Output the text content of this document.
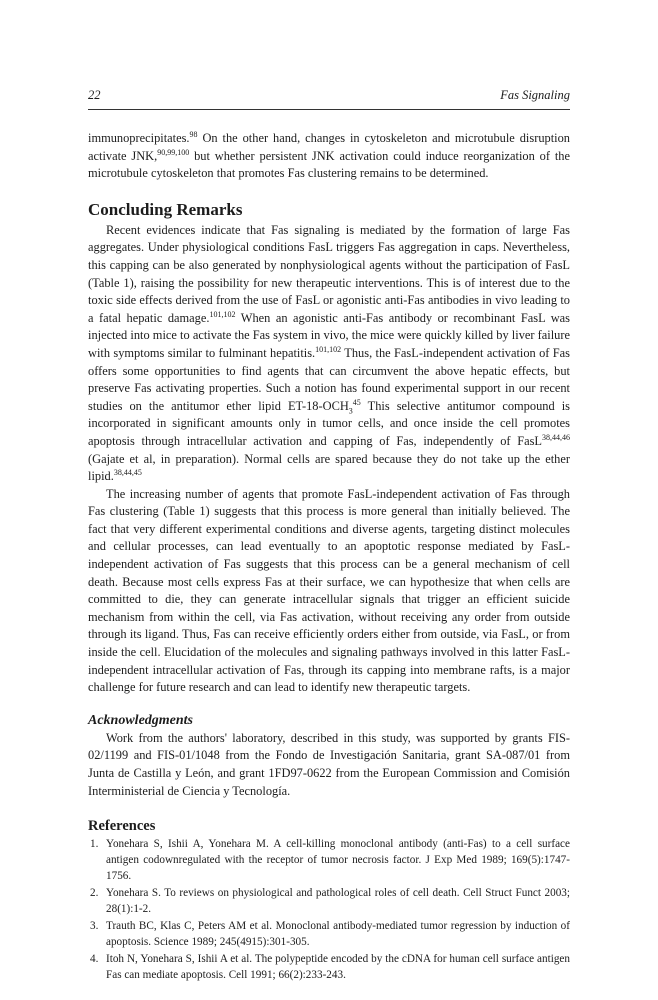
22	Fas Signaling

immunoprecipitates.$^{98}$ On the other hand, changes in cytoskeleton and microtubule disruption activate JNK,$^{90,99,100}$ but whether persistent JNK activation could induce reorganization of the microtubule cytoskeleton that promotes Fas clustering remains to be determined.

Concluding Remarks

Recent evidences indicate that Fas signaling is mediated by the formation of large Fas aggregates. Under physiological conditions FasL triggers Fas aggregation in caps. Nevertheless, this capping can be also generated by nonphysiological agents without the participation of FasL (Table 1), raising the possibility for new therapeutic interventions. This is of interest due to the toxic side effects derived from the use of FasL or agonistic anti-Fas antibodies in vivo leading to a fatal hepatic damage.$^{101,102}$ When an agonistic anti-Fas antibody or recombinant FasL was injected into mice to activate the Fas system in vivo, the mice were quickly killed by liver failure with symptoms similar to fulminant hepatitis.$^{101,102}$ Thus, the FasL-independent activation of Fas offers some opportunities to find agents that can circumvent the above hepatic effects, but preserve Fas activating properties. Such a notion has found experimental support in our recent studies on the antitumor ether lipid $ET-18-OCH_3^{45}$ This selective antitumor compound is incorporated in significant amounts only in tumor cells, and once inside the cell promotes apoptosis through intracellular activation and capping of Fas, independently of FasL$^{38,44,46}$ (Gajate et al, in preparation). Normal cells are spared because they do not take up the ether lipid.$^{38,44,45}$

The increasing number of agents that promote FasL-independent activation of Fas through Fas clustering (Table 1) suggests that this process is more general than initially believed. The fact that very different experimental conditions and diverse agents, targeting distinct molecules and cellular processes, can lead eventually to an apoptotic response mediated by FasL-independent activation of Fas suggests that this process can be a general mechanism of cell death. Because most cells express Fas at their surface, we can hypothesize that when cells are committed to die, they can generate intracellular signals that trigger an efficient suicide mechanism from within the cell, via Fas activation, without receiving any order from outside through its ligand. Thus, Fas can receive efficiently orders either from outside, via FasL, or from inside the cell. Elucidation of the molecules and signaling pathways involved in this latter FasL-independent intracellular activation of Fas, through its capping into membrane rafts, is a major challenge for future research and can lead to identify new therapeutic targets.

Acknowledgments

Work from the authors' laboratory, described in this study, was supported by grants FIS-02/1199 and FIS-01/1048 from the Fondo de Investigación Sanitaria, grant SA-087/01 from Junta de Castilla y León, and grant 1FD97-0622 from the European Commission and Comisión Interministerial de Ciencia y Tecnología.

References
1. Yonehara S, Ishii A, Yonehara M. A cell-killing monoclonal antibody (anti-Fas) to a cell surface antigen codownregulated with the receptor of tumor necrosis factor. J Exp Med 1989; 169(5):1747-1756.
2. Yonehara S. To reviews on physiological and pathological roles of cell death. Cell Struct Funct 2003; 28(1):1-2.
3. Trauth BC, Klas C, Peters AM et al. Monoclonal antibody-mediated tumor regression by induction of apoptosis. Science 1989; 245(4915):301-305.
4. Itoh N, Yonehara S, Ishii A et al. The polypeptide encoded by the cDNA for human cell surface antigen Fas can mediate apoptosis. Cell 1991; 66(2):233-243.
